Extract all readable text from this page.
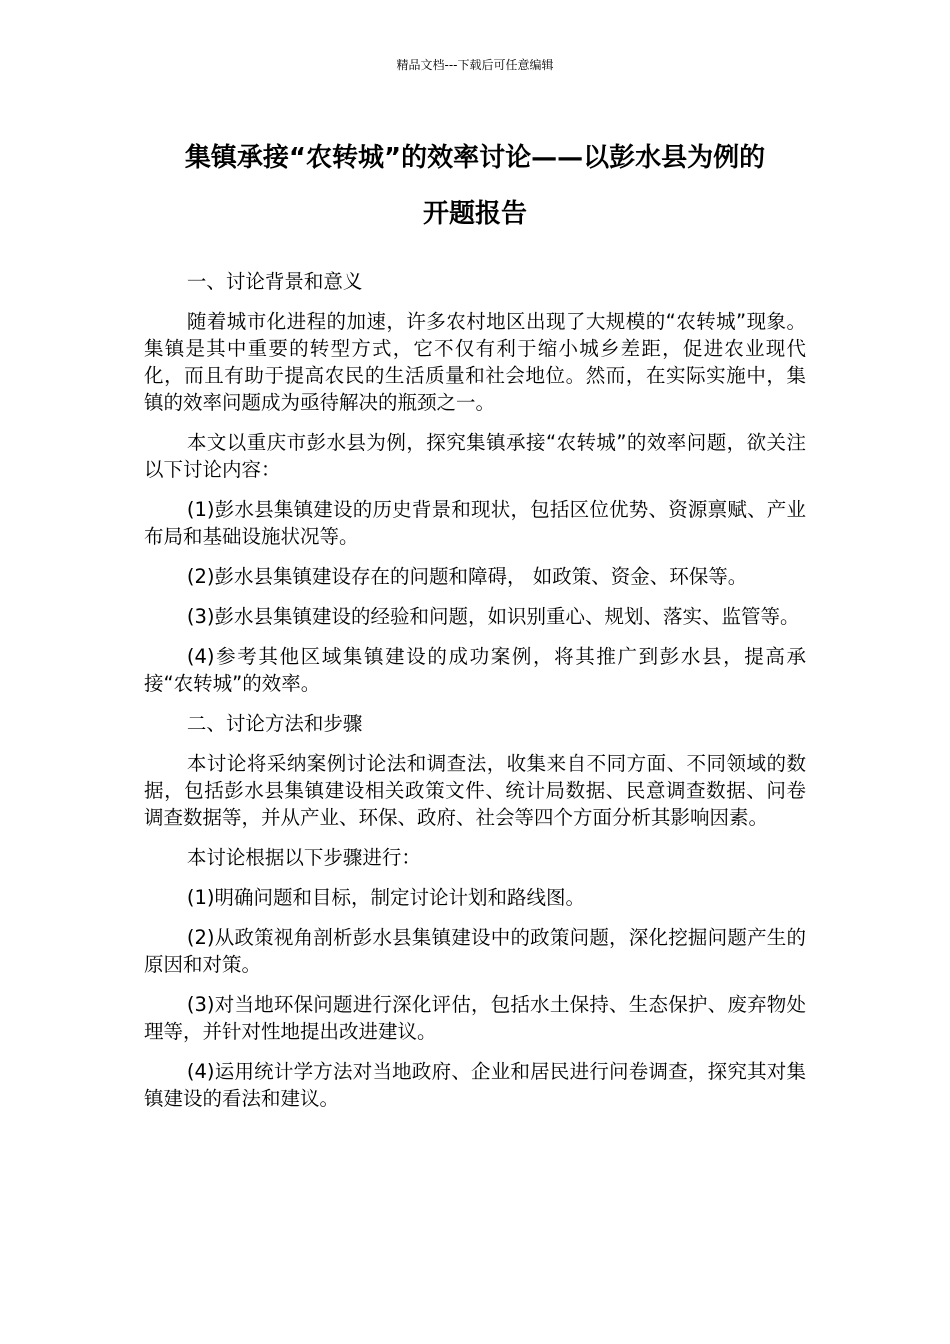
精品文档---下载后可任意编辑
集镇承接“农转城”的效率讨论——以彭水县为例的
开题报告

一、讨论背景和意义

随着城市化进程的加速，许多农村地区出现了大规模的“农转城”现象。集镇是其中重要的转型方式，它不仅有利于缩小城乡差距，促进农业现代化，而且有助于提高农民的生活质量和社会地位。然而，在实际实施中，集镇的效率问题成为亟待解决的瓶颈之一。

本文以重庆市彭水县为例，探究集镇承接“农转城”的效率问题，欲关注以下讨论内容：

(1)彭水县集镇建设的历史背景和现状，包括区位优势、资源禀赋、产业布局和基础设施状况等。

(2)彭水县集镇建设存在的问题和障碍， 如政策、资金、环保等。

(3)彭水县集镇建设的经验和问题，如识别重心、规划、落实、监管等。

(4)参考其他区域集镇建设的成功案例，将其推广到彭水县，提高承接“农转城”的效率。

二、讨论方法和步骤

本讨论将采纳案例讨论法和调查法，收集来自不同方面、不同领域的数据，包括彭水县集镇建设相关政策文件、统计局数据、民意调查数据、问卷调查数据等，并从产业、环保、政府、社会等四个方面分析其影响因素。

本讨论根据以下步骤进行：

(1)明确问题和目标，制定讨论计划和路线图。

(2)从政策视角剖析彭水县集镇建设中的政策问题，深化挖掘问题产生的原因和对策。

(3)对当地环保问题进行深化评估，包括水土保持、生态保护、废弃物处理等，并针对性地提出改进建议。

(4)运用统计学方法对当地政府、企业和居民进行问卷调查，探究其对集镇建设的看法和建议。
